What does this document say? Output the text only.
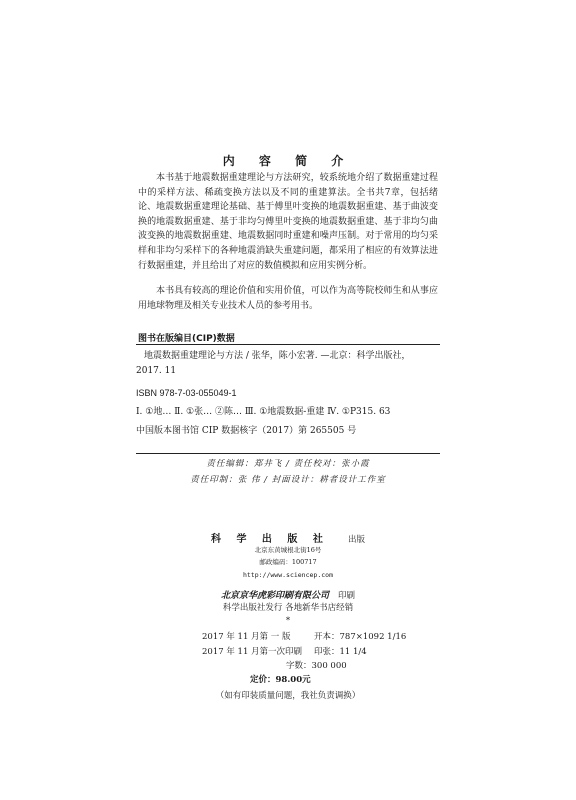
内 容 简 介
本书基于地震数据重建理论与方法研究，较系统地介绍了数据重建过程中的采样方法、稀疏变换方法以及不同的重建算法。全书共7章，包括绪论、地震数据重建理论基础、基于傅里叶变换的地震数据重建、基于曲波变换的地震数据重建、基于非均匀傅里叶变换的地震数据重建、基于非均匀曲波变换的地震数据重建、地震数据同时重建和噪声压制。对于常用的均匀采样和非均匀采样下的各种地震消缺失重建问题，都采用了相应的有效算法进行数据重建，并且给出了对应的数值模拟和应用实例分析。
本书具有较高的理论价值和实用价值，可以作为高等院校师生和从事应用地球物理及相关专业技术人员的参考用书。
图书在版编目(CIP)数据
地震数据重建理论与方法 / 张华，陈小宏著. —北京：科学出版社，
2017. 11
ISBN 978-7-03-055049-1
Ⅰ. ①地… Ⅱ. ①张… ②陈… Ⅲ. ①地震数据-重建 Ⅳ. ①P315. 63
中国版本图书馆 CIP 数据核字（2017）第 265505 号
责任编辑：郑井飞 / 责任校对：张小霞
责任印制：张 伟 / 封面设计：耕者设计工作室
科 学 出 版 社 出版
北京东黄城根北街16号
邮政编码：100717
http://www.sciencep.com
北京京华虎彩印刷有限公司 印刷
科学出版社发行 各地新华书店经销
*
2017 年 11 月第 一 版	开本：787×1092 1/16
2017 年 11 月第一次印刷 印张：11 1/4
字数：300 000
定价：98.00元
（如有印装质量问题，我社负责调换）
